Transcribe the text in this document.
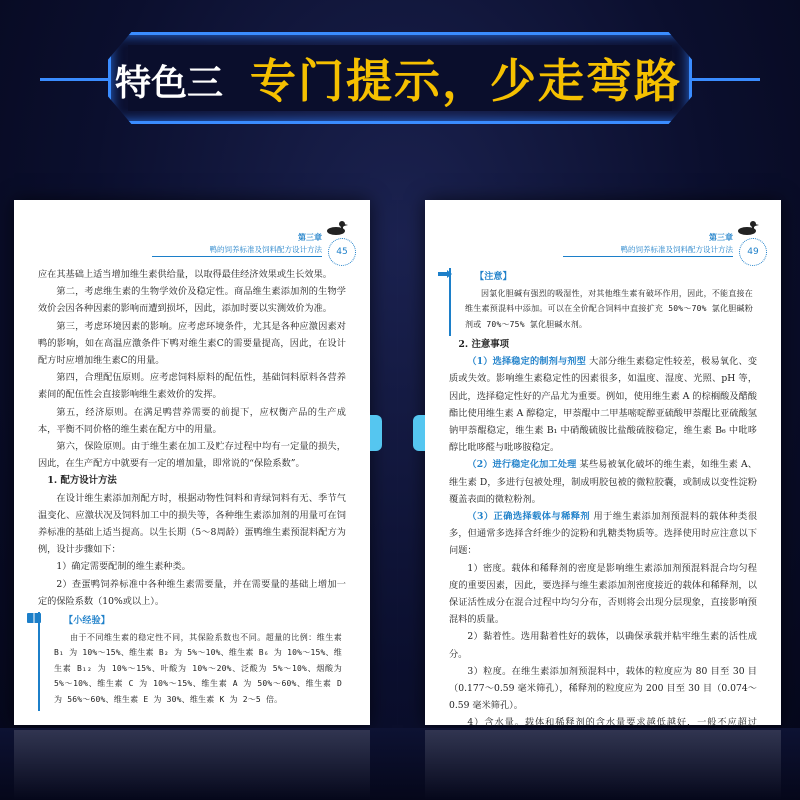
特色三 专门提示，少走弯路
第三章
鸭的饲养标准及饲料配方设计方法	45

应在其基础上适当增加维生素供给量，以取得最佳经济效果或生长效果。

第二，考虑维生素的生物学效价及稳定性。商品维生素添加剂的生物学效价会因各种因素的影响而遭到损坏，因此，添加时要以实测效价为准。

第三，考虑环境因素的影响。应考虑环境条件，尤其是各种应激因素对鸭的影响，如在高温应激条件下鸭对维生素C的需要量提高，因此，在设计配方时应增加维生素C的用量。

第四，合理配伍原则。应考虑饲料原料的配伍性，基础饲料原料各营养素间的配伍性会直接影响维生素效价的发挥。

第五，经济原则。在满足鸭营养需要的前提下，应权衡产品的生产成本，平衡不同价格的维生素在配方中的用量。

第六，保险原则。由于维生素在加工及贮存过程中均有一定量的损失，因此，在生产配方中就要有一定的增加量，即常说的“保险系数”。

1. 配方设计方法

在设计维生素添加剂配方时，根据动物性饲料和青绿饲料有无、季节气温变化、应激状况及饲料加工中的损失等，各种维生素添加剂的用量可在饲养标准的基础上适当提高。以生长期（5～8周龄）蛋鸭维生素预混料配方为例，设计步骤如下：

1）确定需要配制的维生素种类。

2）查蛋鸭饲养标准中各种维生素需要量，并在需要量的基础上增加一定的保险系数（10%或以上）。

【小经验】
由于不同维生素的稳定性不同，其保险系数也不同。超量的比例：维生素 B₁ 为 10%～15%、维生素 B₂ 为 5%～10%、维生素 B₆ 为 10%～15%、维生素 B₁₂ 为 10%～15%、叶酸为 10%～20%、泛酸为 5%～10%、烟酸为 5%～10%、维生素 C 为 10%～15%、维生素 A 为 50%～60%、维生素 D 为 56%～60%、维生素 E 为 30%、维生素 K 为 2～5 倍。
第三章
鸭的饲养标准及饲料配方设计方法	49
【注意】
因氯化胆碱有强烈的吸湿性，对其他维生素有破坏作用，因此，不能直接在维生素预混料中添加。可以在全价配合饲料中直接扩充 50%～70% 氯化胆碱粉剂或 70%～75% 氯化胆碱水剂。
2. 注意事项

（1）选择稳定的制剂与剂型 大部分维生素稳定性较差，极易氧化、变质或失效。影响维生素稳定性的因素很多，如温度、湿度、光照、pH 等，因此，选择稳定性好的产品尤为重要。例如，使用维生素 A 的棕榈酸及醋酸酯比使用维生素 A 醇稳定，甲萘醌中二甲基嘧啶醇亚硫酸甲萘醌比亚硫酸氢钠甲萘醌稳定，维生素 B₁ 中硝酸硫胺比盐酸硫胺稳定，维生素 B₆ 中吡哆醇比吡哆醛与吡哆胺稳定。

（2）进行稳定化加工处理 某些易被氧化破坏的维生素，如维生素 A、维生素 D，多进行包被处理，制成明胶包被的微粒胶囊，或制成以变性淀粉覆盖表面的微粒粉剂。

（3）正确选择载体与稀释剂 用于维生素添加剂预混料的载体种类很多，但通常多选择含纤维少的淀粉和乳糖类物质等。选择使用时应注意以下问题：

1）密度。载体和稀释剂的密度是影响维生素添加剂预混料混合均匀程度的重要因素，因此，要选择与维生素添加剂密度接近的载体和稀释剂，以保证活性成分在混合过程中均匀分布，否则将会出现分层现象，直接影响预混料的质量。

2）黏着性。选用黏着性好的载体，以确保承载并粘牢维生素的活性成分。

3）粒度。在维生素添加剂预混料中，载体的粒度应为 80 目至 30 目（0.177～0.59 毫米筛孔），稀释剂的粒度应为 200 目至 30 目（0.074～0.59 毫米筛孔）。

4）含水量。载体和稀释剂的含水量要求越低越好，一般不应超过
